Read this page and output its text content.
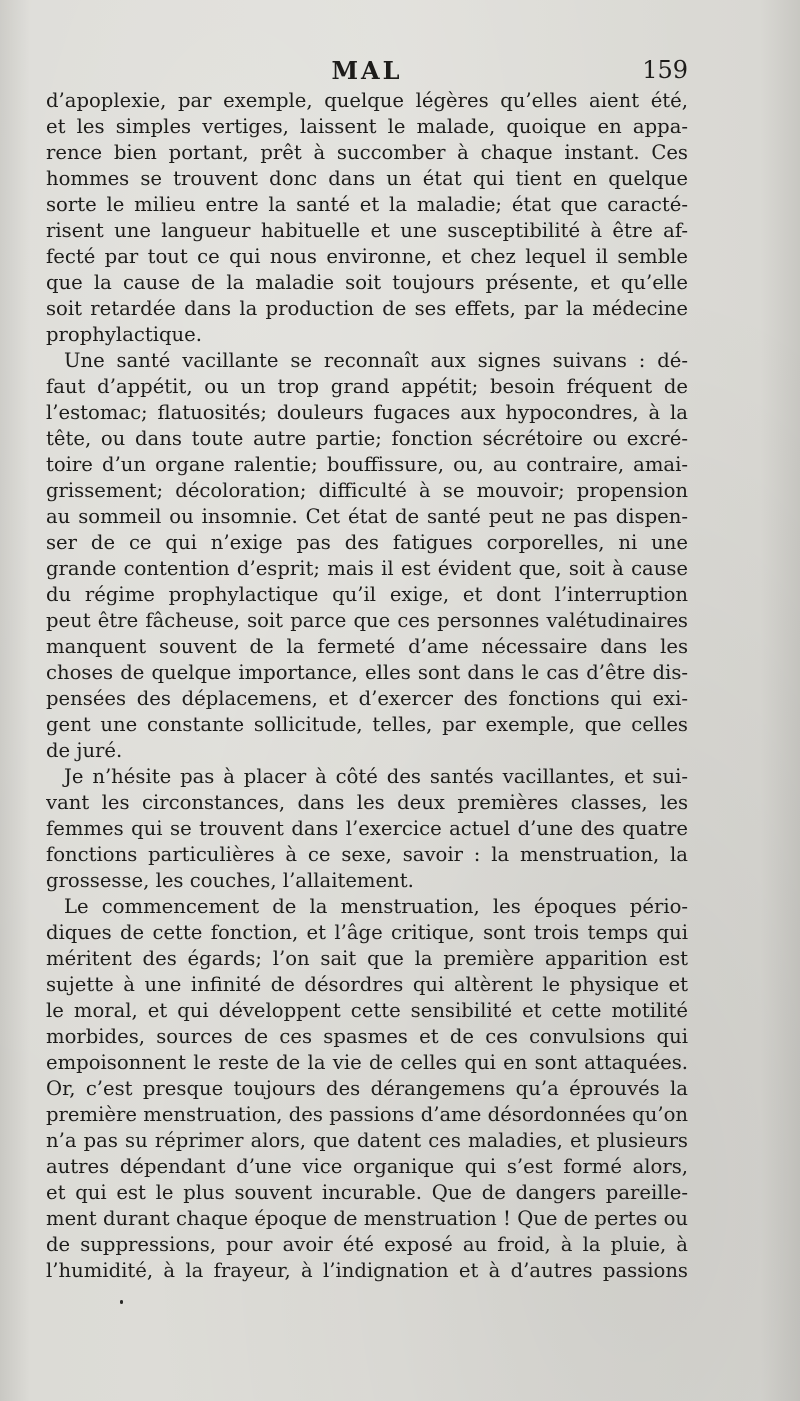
MAL	159
d’apoplexie, par exemple, quelque légères qu’elles aient été,
et les simples vertiges, laissent le malade, quoique en appa-
rence bien portant, prêt à succomber à chaque instant. Ces
hommes se trouvent donc dans un état qui tient en quelque
sorte le milieu entre la santé et la maladie; état que caracté-
risent une langueur habituelle et une susceptibilité à être af-
fecté par tout ce qui nous environne, et chez lequel il semble
que la cause de la maladie soit toujours présente, et qu’elle
soit retardée dans la production de ses effets, par la médecine
prophylactique.
Une santé vacillante se reconnaît aux signes suivans : dé-
faut d’appétit, ou un trop grand appétit; besoin fréquent de
l’estomac; flatuosités; douleurs fugaces aux hypocondres, à la
tête, ou dans toute autre partie; fonction sécrétoire ou excré-
toire d’un organe ralentie; bouffissure, ou, au contraire, amai-
grissement; décoloration; difficulté à se mouvoir; propension
au sommeil ou insomnie. Cet état de santé peut ne pas dispen-
ser de ce qui n’exige pas des fatigues corporelles, ni une
grande contention d’esprit; mais il est évident que, soit à cause
du régime prophylactique qu’il exige, et dont l’interruption
peut être fâcheuse, soit parce que ces personnes valétudinaires
manquent souvent de la fermeté d’ame nécessaire dans les
choses de quelque importance, elles sont dans le cas d’être dis-
pensées des déplacemens, et d’exercer des fonctions qui exi-
gent une constante sollicitude, telles, par exemple, que celles
de juré.
Je n’hésite pas à placer à côté des santés vacillantes, et sui-
vant les circonstances, dans les deux premières classes, les
femmes qui se trouvent dans l’exercice actuel d’une des quatre
fonctions particulières à ce sexe, savoir : la menstruation, la
grossesse, les couches, l’allaitement.
Le commencement de la menstruation, les époques pério-
diques de cette fonction, et l’âge critique, sont trois temps qui
méritent des égards; l’on sait que la première apparition est
sujette à une infinité de désordres qui altèrent le physique et
le moral, et qui développent cette sensibilité et cette motilité
morbides, sources de ces spasmes et de ces convulsions qui
empoisonnent le reste de la vie de celles qui en sont attaquées.
Or, c’est presque toujours des dérangemens qu’a éprouvés la
première menstruation, des passions d’ame désordonnées qu’on
n’a pas su réprimer alors, que datent ces maladies, et plusieurs
autres dépendant d’une vice organique qui s’est formé alors,
et qui est le plus souvent incurable. Que de dangers pareille-
ment durant chaque époque de menstruation ! Que de pertes ou
de suppressions, pour avoir été exposé au froid, à la pluie, à
l’humidité, à la frayeur, à l’indignation et à d’autres passions
